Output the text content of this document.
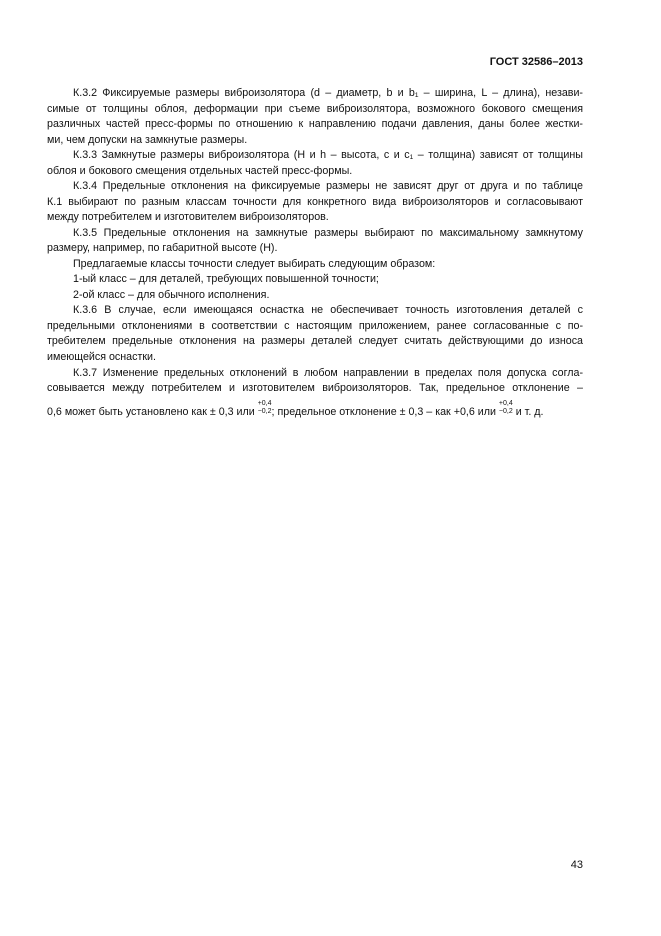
ГОСТ 32586–2013
К.3.2 Фиксируемые размеры виброизолятора (d – диаметр, b и b₁ – ширина, L – длина), незави-
симые от толщины облоя, деформации при съеме виброизолятора, возможного бокового смещения
различных частей пресс-формы по отношению к направлению подачи давления, даны более жестки-
ми, чем допуски на замкнутые размеры.
К.3.3 Замкнутые размеры виброизолятора (H и h – высота, c и c₁ – толщина) зависят от толщины
облоя и бокового смещения отдельных частей пресс-формы.
К.3.4 Предельные отклонения на фиксируемые размеры не зависят друг от друга и по таблице
К.1 выбирают по разным классам точности для конкретного вида виброизоляторов и согласовывают
между потребителем и изготовителем виброизоляторов.
К.3.5 Предельные отклонения на замкнутые размеры выбирают по максимальному замкнутому
размеру, например, по габаритной высоте (H).
Предлагаемые классы точности следует выбирать следующим образом:
1-ый класс – для деталей, требующих повышенной точности;
2-ой класс – для обычного исполнения.
К.3.6 В случае, если имеющаяся оснастка не обеспечивает точность изготовления деталей с
предельными отклонениями в соответствии с настоящим приложением, ранее согласованные с по-
требителем предельные отклонения на размеры деталей следует считать действующими до износа
имеющейся оснастки.
К.3.7 Изменение предельных отклонений в любом направлении в пределах поля допуска согла-
совывается между потребителем и изготовителем виброизоляторов. Так, предельное отклонение –
0,6 может быть установлено как ± 0,3 или
+0,4
−0,2 ; предельное отклонение ± 0,3 – как +0,6 или
+0,4
−0,2 и т. д.
43
